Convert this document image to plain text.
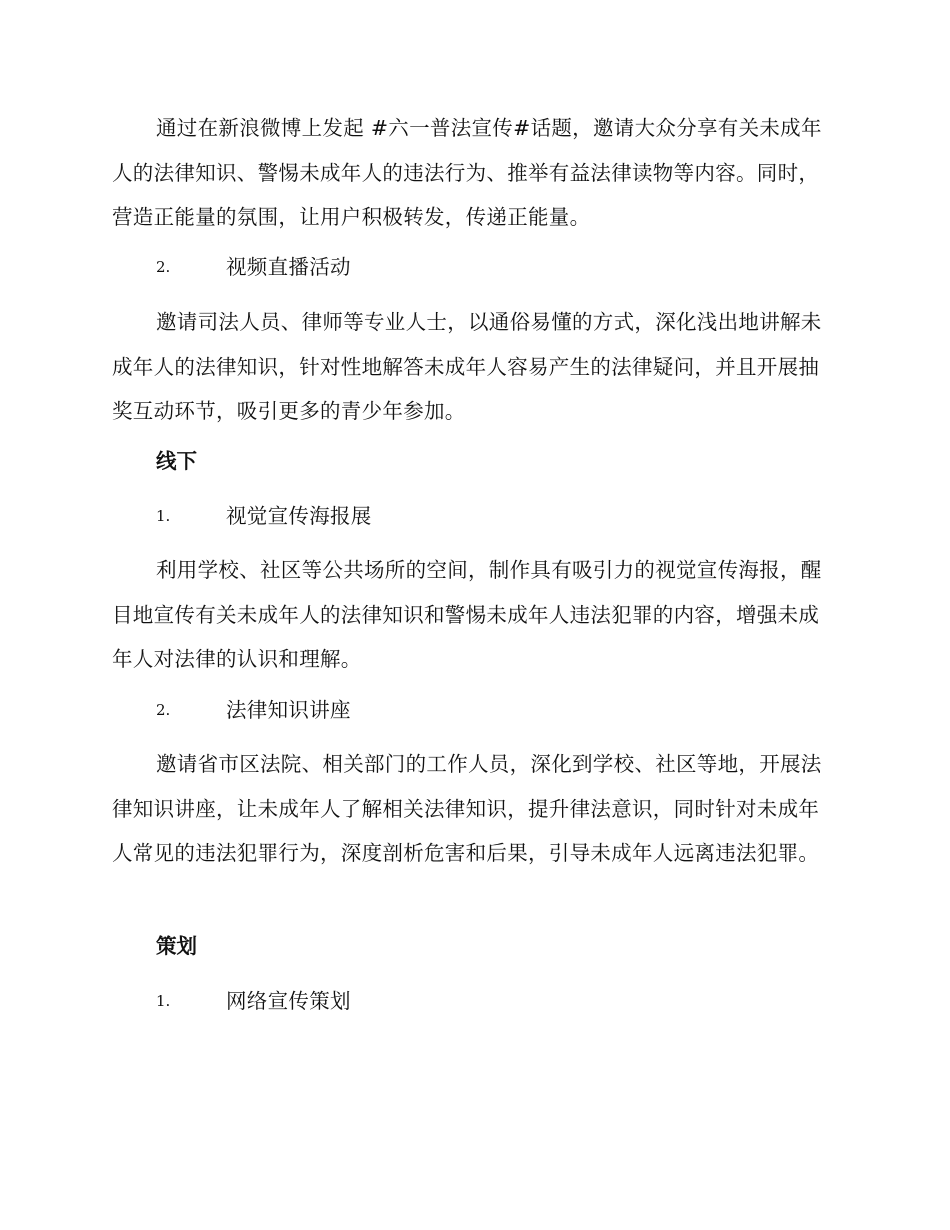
通过在新浪微博上发起 #六一普法宣传#话题，邀请大众分享有关未成年人的法律知识、警惕未成年人的违法行为、推举有益法律读物等内容。同时，营造正能量的氛围，让用户积极转发，传递正能量。

2.	视频直播活动

邀请司法人员、律师等专业人士，以通俗易懂的方式，深化浅出地讲解未成年人的法律知识，针对性地解答未成年人容易产生的法律疑问，并且开展抽奖互动环节，吸引更多的青少年参加。

线下
1.	视觉宣传海报展

利用学校、社区等公共场所的空间，制作具有吸引力的视觉宣传海报，醒目地宣传有关未成年人的法律知识和警惕未成年人违法犯罪的内容，增强未成年人对法律的认识和理解。

2.	法律知识讲座

邀请省市区法院、相关部门的工作人员，深化到学校、社区等地，开展法律知识讲座，让未成年人了解相关法律知识，提升律法意识，同时针对未成年人常见的违法犯罪行为，深度剖析危害和后果，引导未成年人远离违法犯罪。

策划
1.	网络宣传策划
